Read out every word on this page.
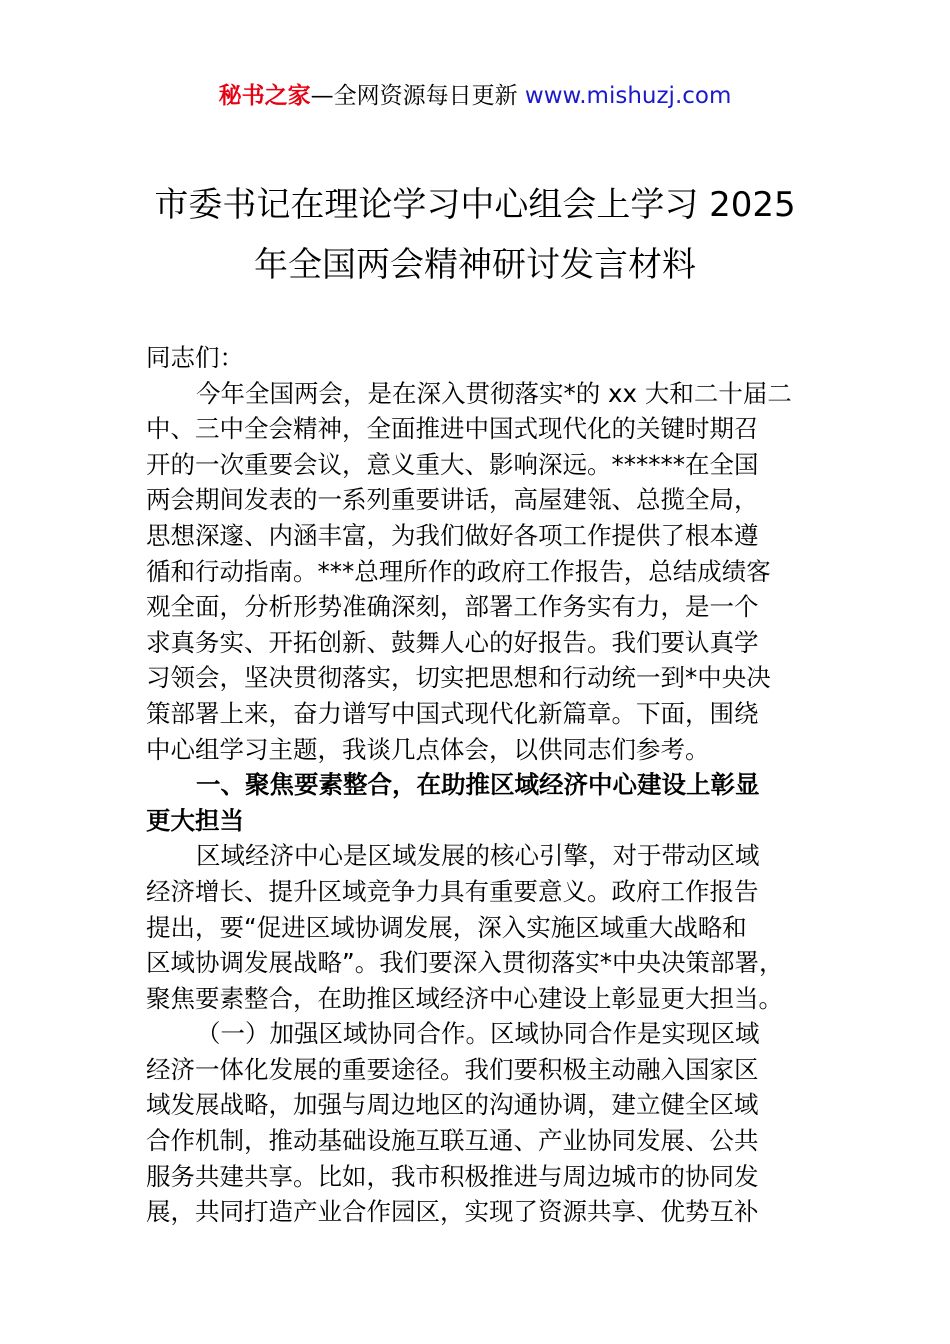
秘书之家—全网资源每日更新 www.mishuzj.com
市委书记在理论学习中心组会上学习 2025
年全国两会精神研讨发言材料

同志们：

今年全国两会，是在深入贯彻落实*的 xx 大和二十届二

中、三中全会精神，全面推进中国式现代化的关键时期召

开的一次重要会议，意义重大、影响深远。******在全国

两会期间发表的一系列重要讲话，高屋建瓴、总揽全局，

思想深邃、内涵丰富，为我们做好各项工作提供了根本遵

循和行动指南。***总理所作的政府工作报告，总结成绩客

观全面，分析形势准确深刻，部署工作务实有力，是一个

求真务实、开拓创新、鼓舞人心的好报告。我们要认真学

习领会，坚决贯彻落实，切实把思想和行动统一到*中央决

策部署上来，奋力谱写中国式现代化新篇章。下面，围绕

中心组学习主题，我谈几点体会，以供同志们参考。

一、聚焦要素整合，在助推区域经济中心建设上彰显

更大担当

区域经济中心是区域发展的核心引擎，对于带动区域

经济增长、提升区域竞争力具有重要意义。政府工作报告

提出，要“促进区域协调发展，深入实施区域重大战略和

区域协调发展战略”。我们要深入贯彻落实*中央决策部署，

聚焦要素整合，在助推区域经济中心建设上彰显更大担当。

（一）加强区域协同合作。区域协同合作是实现区域

经济一体化发展的重要途径。我们要积极主动融入国家区

域发展战略，加强与周边地区的沟通协调，建立健全区域

合作机制，推动基础设施互联互通、产业协同发展、公共

服务共建共享。比如，我市积极推进与周边城市的协同发

展，共同打造产业合作园区，实现了资源共享、优势互补
